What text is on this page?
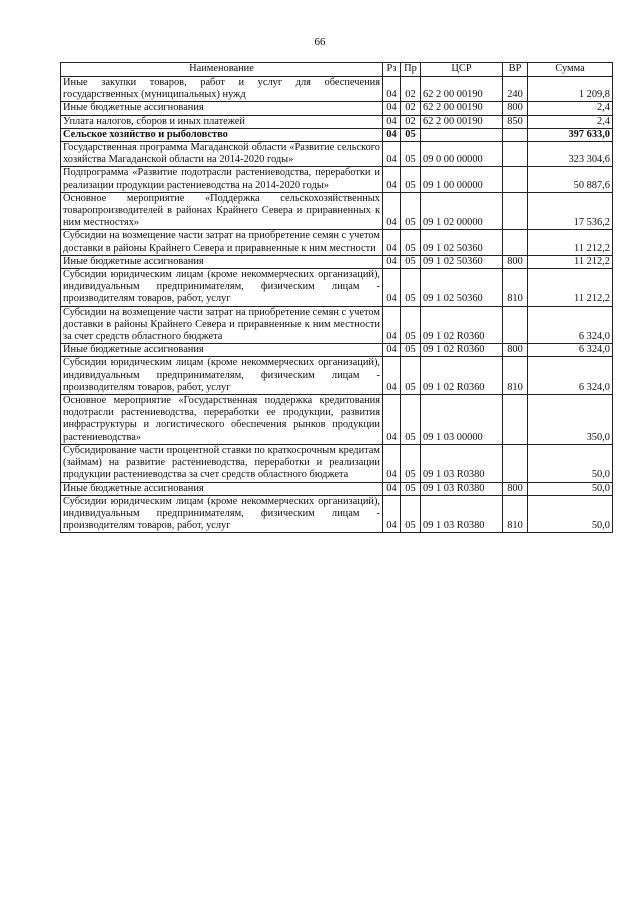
66
Наименование	Рз	Пр	ЦСР	ВР	Сумма
Иные закупки товаров, работ и услуг для обеспечения государственных (муниципальных) нужд	04	02	62 2 00 00190	240	1 209,8
Иные бюджетные ассигнования	04	02	62 2 00 00190	800	2,4
Уплата налогов, сборов и иных платежей	04	02	62 2 00 00190	850	2,4
Сельское хозяйство и рыболовство	04	05			397 633,0
Государственная программа Магаданской области «Развитие сельского хозяйства Магаданской области на 2014-2020 годы»	04	05	09 0 00 00000		323 304,6
Подпрограмма «Развитие подотрасли растениеводства, переработки и реализации продукции растениеводства на 2014-2020 годы»	04	05	09 1 00 00000		50 887,6
Основное мероприятие «Поддержка сельскохозяйственных товаропроизводителей в районах Крайнего Севера и приравненных к ним местностях»	04	05	09 1 02 00000		17 536,2
Субсидии на возмещение части затрат на приобретение семян с учетом доставки в районы Крайнего Севера и приравненные к ним местности	04	05	09 1 02 50360		11 212,2
Иные бюджетные ассигнования	04	05	09 1 02 50360	800	11 212,2
Субсидии юридическим лицам (кроме некоммерческих организаций), индивидуальным предпринимателям, физическим лицам - производителям товаров, работ, услуг	04	05	09 1 02 50360	810	11 212,2
Субсидии на возмещение части затрат на приобретение семян с учетом доставки в районы Крайнего Севера и приравненные к ним местности за счет средств областного бюджета	04	05	09 1 02 R0360		6 324,0
Иные бюджетные ассигнования	04	05	09 1 02 R0360	800	6 324,0
Субсидии юридическим лицам (кроме некоммерческих организаций), индивидуальным предпринимателям, физическим лицам - производителям товаров, работ, услуг	04	05	09 1 02 R0360	810	6 324,0
Основное мероприятие «Государственная поддержка кредитования подотрасли растениеводства, переработки ее продукции, развития инфраструктуры и логистического обеспечения рынков продукции растениеводства»	04	05	09 1 03 00000		350,0
Субсидирование части процентной ставки по краткосрочным кредитам (займам) на развитие растениеводства, переработки и реализации продукции растениеводства за счет средств областного бюджета	04	05	09 1 03 R0380		50,0
Иные бюджетные ассигнования	04	05	09 1 03 R0380	800	50,0
Субсидии юридическим лицам (кроме некоммерческих организаций), индивидуальным предпринимателям, физическим лицам - производителям товаров, работ, услуг	04	05	09 1 03 R0380	810	50,0
